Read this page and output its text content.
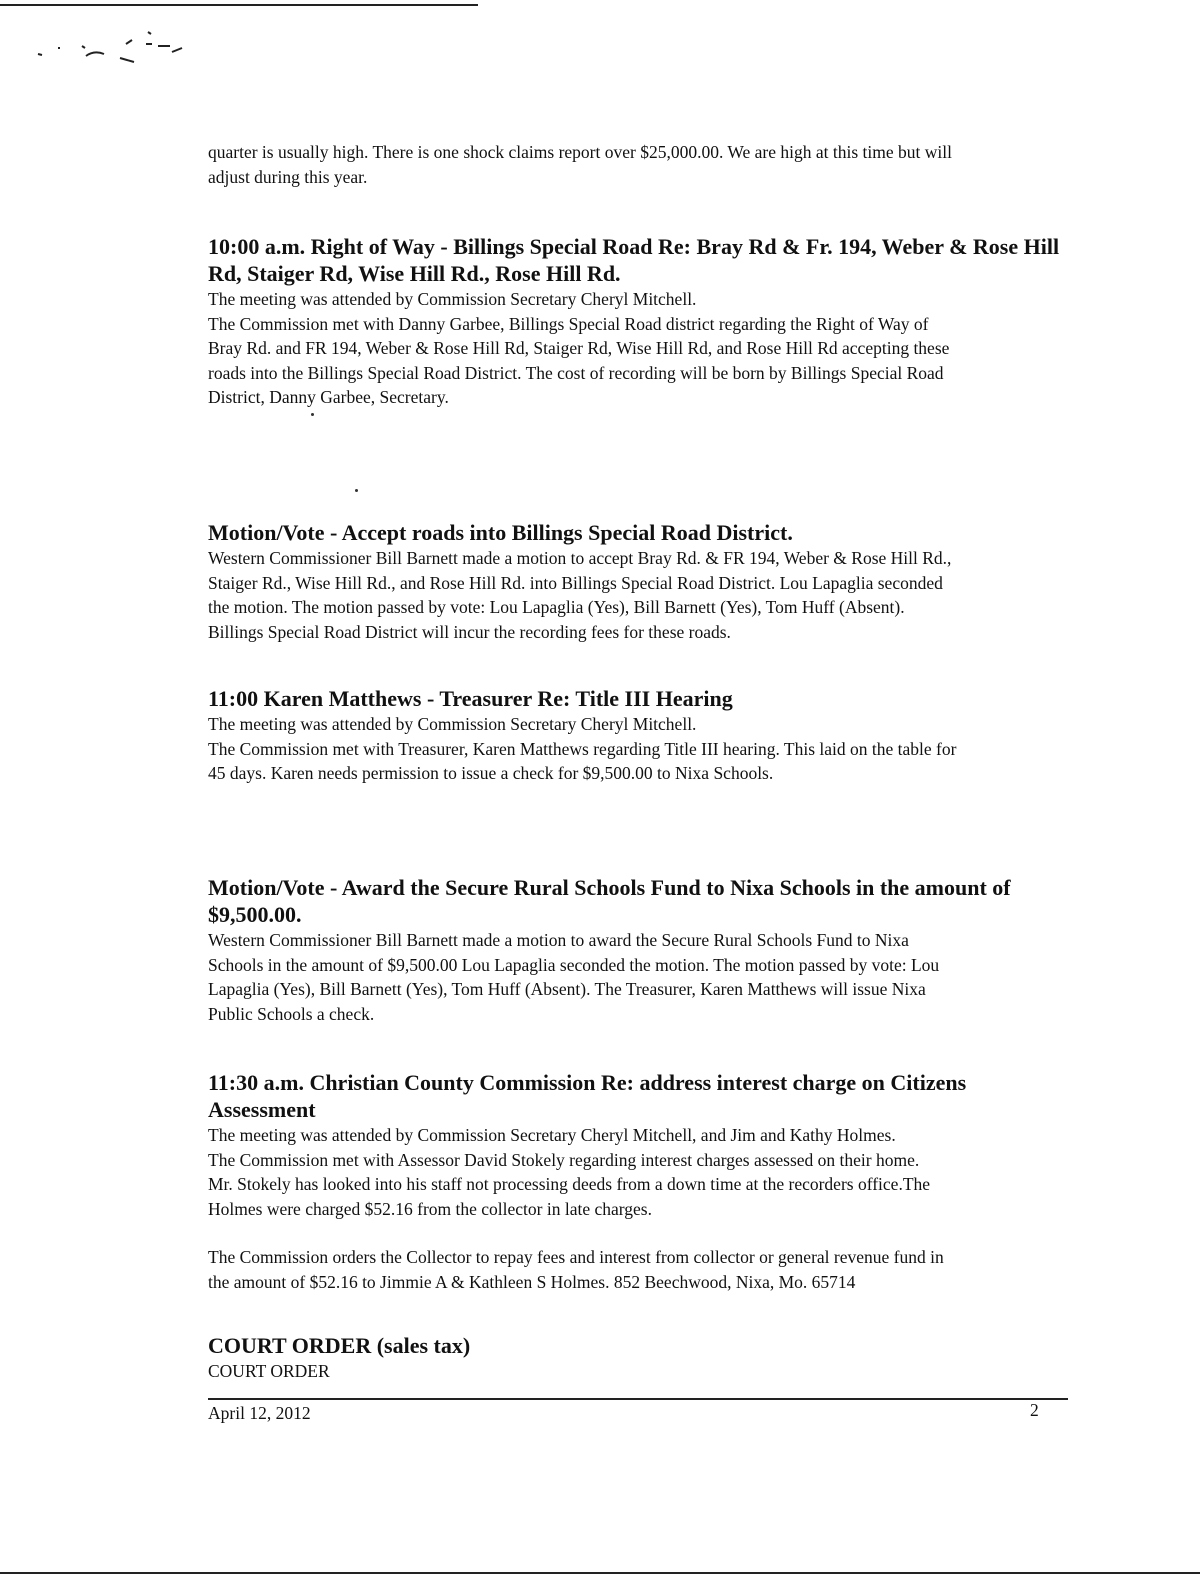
quarter is usually high. There is one shock claims report over $25,000.00. We are high at this time but will
adjust during this year.

10:00 a.m. Right of Way - Billings Special Road Re: Bray Rd & Fr. 194, Weber & Rose Hill Rd, Staiger Rd, Wise Hill Rd., Rose Hill Rd.

The meeting was attended by Commission Secretary Cheryl Mitchell.
The Commission met with Danny Garbee, Billings Special Road district regarding the Right of Way of
Bray Rd. and FR 194, Weber & Rose Hill Rd, Staiger Rd, Wise Hill Rd, and Rose Hill Rd accepting these
roads into the Billings Special Road District. The cost of recording will be born by Billings Special Road
District, Danny Garbee, Secretary.

Motion/Vote - Accept roads into Billings Special Road District.

Western Commissioner Bill Barnett made a motion to accept Bray Rd. & FR 194, Weber & Rose Hill Rd.,
Staiger Rd., Wise Hill Rd., and Rose Hill Rd. into Billings Special Road District. Lou Lapaglia seconded
the motion. The motion passed by vote: Lou Lapaglia (Yes), Bill Barnett (Yes), Tom Huff (Absent).
Billings Special Road District will incur the recording fees for these roads.

11:00 Karen Matthews - Treasurer Re: Title III Hearing

The meeting was attended by Commission Secretary Cheryl Mitchell.
The Commission met with Treasurer, Karen Matthews regarding Title III hearing. This laid on the table for
45 days. Karen needs permission to issue a check for $9,500.00 to Nixa Schools.

Motion/Vote - Award the Secure Rural Schools Fund to Nixa Schools in the amount of $9,500.00.

Western Commissioner Bill Barnett made a motion to award the Secure Rural Schools Fund to Nixa
Schools in the amount of $9,500.00 Lou Lapaglia seconded the motion. The motion passed by vote: Lou
Lapaglia (Yes), Bill Barnett (Yes), Tom Huff (Absent). The Treasurer, Karen Matthews will issue Nixa
Public Schools a check.

11:30 a.m. Christian County Commission Re: address interest charge on Citizens Assessment

The meeting was attended by Commission Secretary Cheryl Mitchell, and Jim and Kathy Holmes.
The Commission met with Assessor David Stokely regarding interest charges assessed on their home.
Mr. Stokely has looked into his staff not processing deeds from a down time at the recorders office.The
Holmes were charged $52.16 from the collector in late charges.

The Commission orders the Collector to repay fees and interest from collector or general revenue fund in
the amount of $52.16 to Jimmie A & Kathleen S Holmes. 852 Beechwood, Nixa, Mo. 65714

COURT ORDER (sales tax)

COURT ORDER

April 12, 2012	2
